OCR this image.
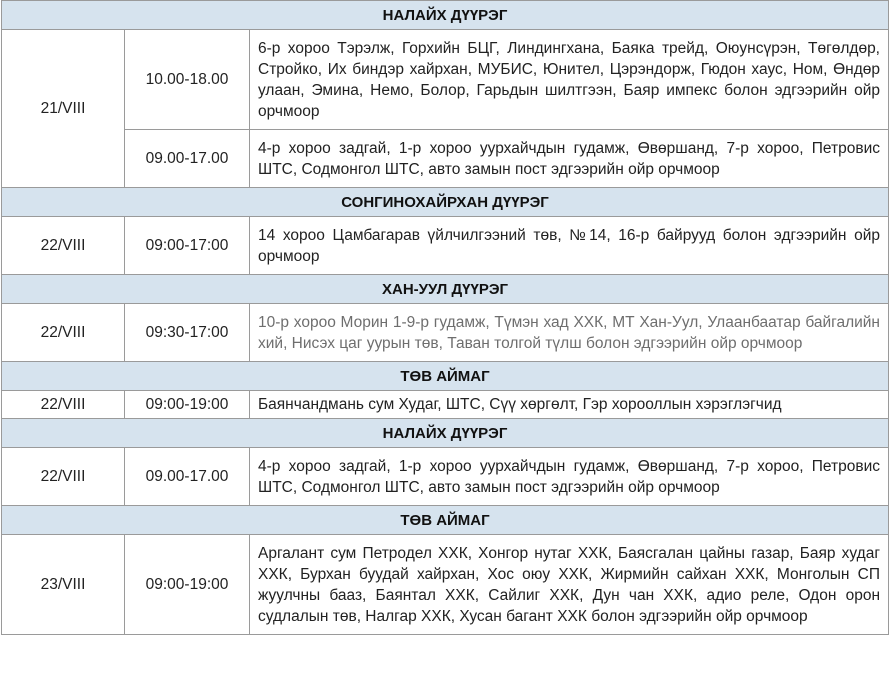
НАЛАЙХ ДҮҮРЭГ		
21/VIII	10.00-18.00	6-р хороо Тэрэлж, Горхийн БЦГ, Линдингхана, Баяка трейд, Оюунсүрэн, Төгөлдөр, Стройко, Их биндэр хайрхан, МУБИС, Юнител, Цэрэндорж, Гюдон хаус, Ном, Өндөр улаан, Эмина, Немо, Болор, Гарьдын шилтгээн, Баяр импекс болон эдгээрийн ойр орчмоор
	09.00-17.00	4-р хороо задгай, 1-р хороо уурхайчдын гудамж, Өвөршанд, 7-р хороо, Петровис ШТС, Содмонгол ШТС, авто замын пост эдгээрийн ойр орчмоор
СОНГИНОХАЙРХАН ДҮҮРЭГ		
22/VIII	09:00-17:00	14 хороо Цамбагарав үйлчилгээний төв, №14, 16-р байрууд болон эдгээрийн ойр орчмоор
ХАН-УУЛ ДҮҮРЭГ		
22/VIII	09:30-17:00	10-р хороо Морин 1-9-р гудамж, Түмэн хад ХХК, МТ Хан-Уул, Улаанбаатар байгалийн хий, Нисэх цаг уурын төв, Таван толгой түлш болон эдгээрийн ойр орчмоор
ТӨВ АЙМАГ		
22/VIII	09:00-19:00	Баянчандмань сум Худаг, ШТС, Сүү хөргөлт, Гэр хорооллын хэрэглэгчид
НАЛАЙХ ДҮҮРЭГ		
22/VIII	09.00-17.00	4-р хороо задгай, 1-р хороо уурхайчдын гудамж, Өвөршанд, 7-р хороо, Петровис ШТС, Содмонгол ШТС, авто замын пост эдгээрийн ойр орчмоор
ТӨВ АЙМАГ		
23/VIII	09:00-19:00	Аргалант сум Петродел ХХК, Хонгор нутаг ХХК, Баясгалан цайны газар, Баяр худаг ХХК, Бурхан буудай хайрхан, Хос оюу ХХК, Жирмийн сайхан ХХК, Монголын СП жуулчны бааз, Баянтал ХХК, Сайлиг ХХК, Дун чан ХХК, адио реле, Одон орон судлалын төв, Налгар ХХК, Хусан багант ХХК болон эдгээрийн ойр орчмоор
